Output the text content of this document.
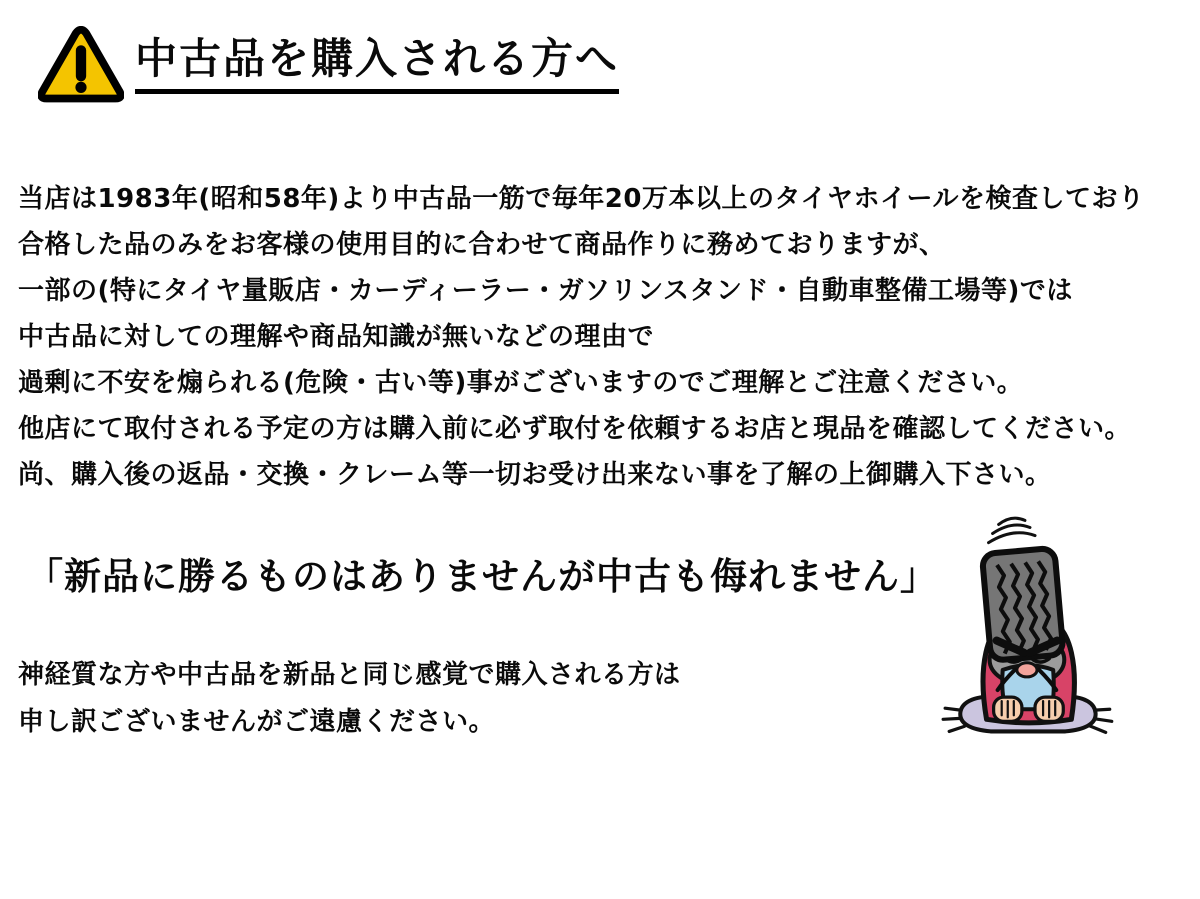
中古品を購入される方へ

当店は1983年(昭和58年)より中古品一筋で毎年20万本以上のタイヤホイールを検査しており

合格した品のみをお客様の使用目的に合わせて商品作りに務めておりますが、

一部の(特にタイヤ量販店・カーディーラー・ガソリンスタンド・自動車整備工場等)では

中古品に対しての理解や商品知識が無いなどの理由で

過剰に不安を煽られる(危険・古い等)事がございますのでご理解とご注意ください。

他店にて取付される予定の方は購入前に必ず取付を依頼するお店と現品を確認してください。

尚、購入後の返品・交換・クレーム等一切お受け出来ない事を了解の上御購入下さい。

「新品に勝るものはありませんが中古も侮れません」

神経質な方や中古品を新品と同じ感覚で購入される方は

申し訳ございませんがご遠慮ください。
